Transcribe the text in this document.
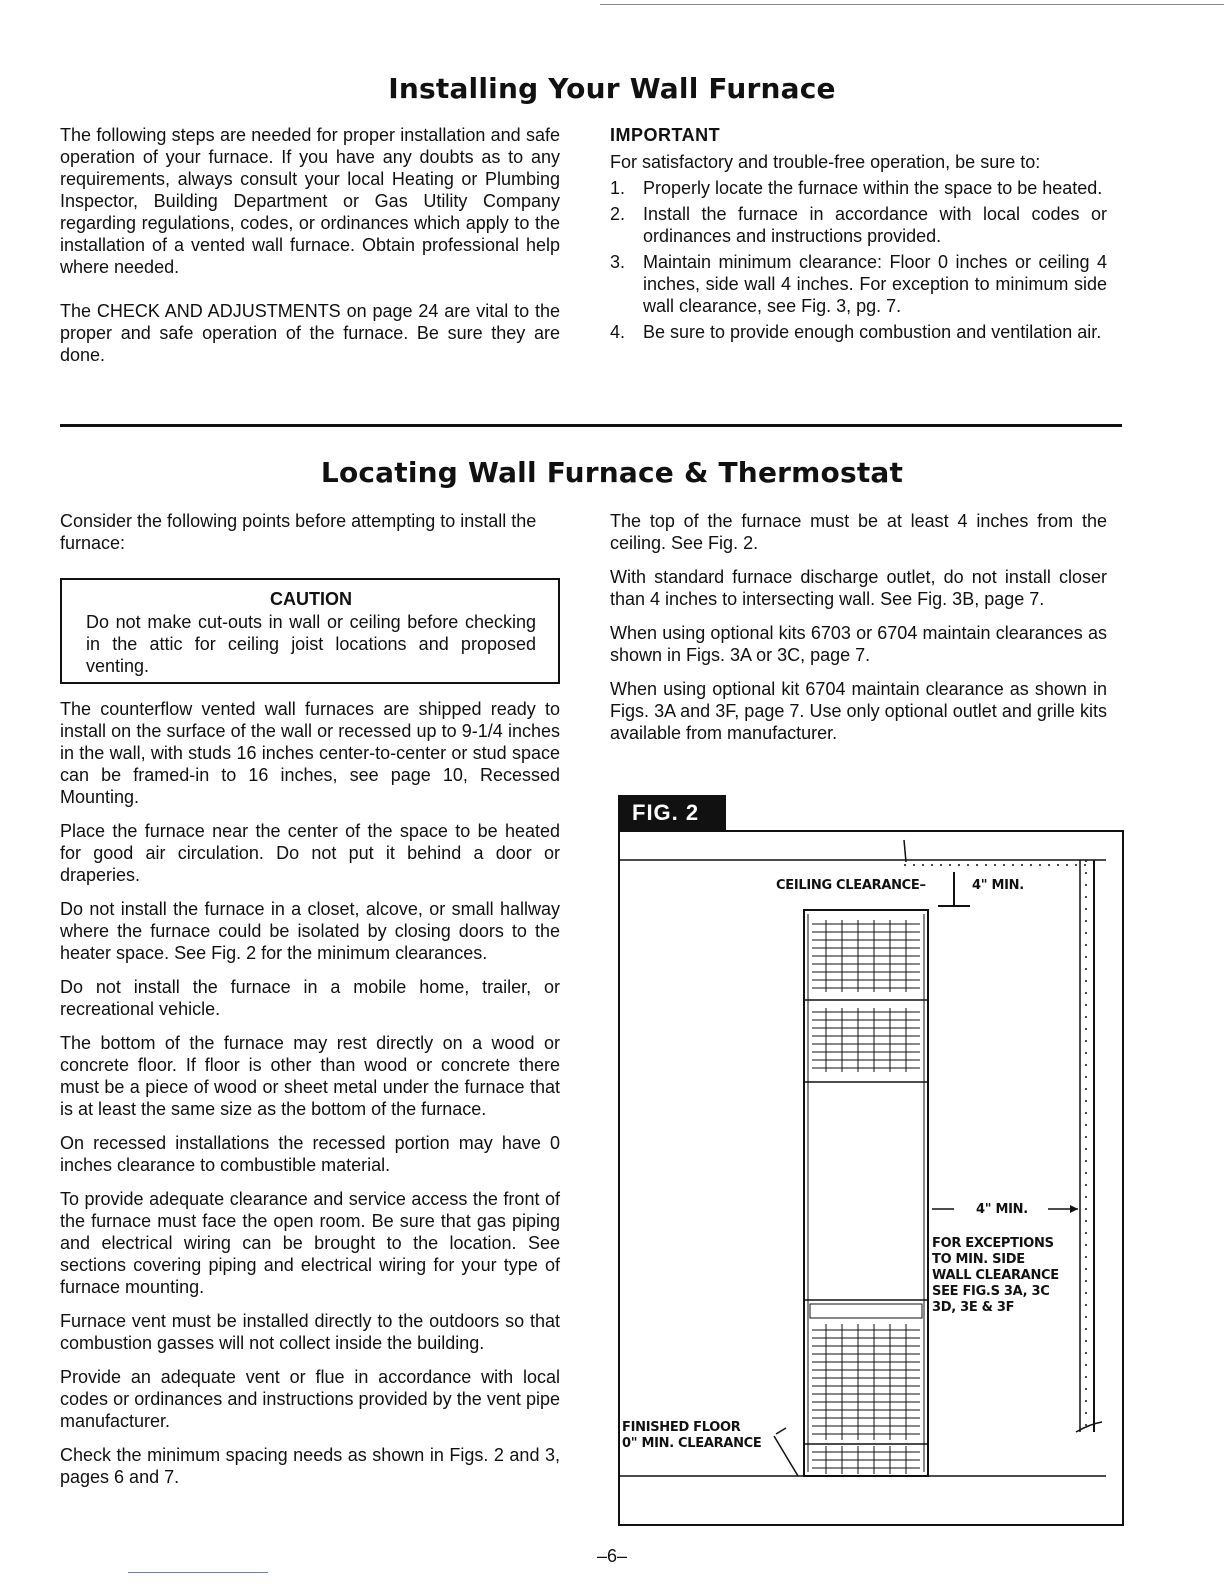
Installing Your Wall Furnace

The following steps are needed for proper installation and safe operation of your furnace. If you have any doubts as to any requirements, always consult your local Heating or Plumbing Inspector, Building Department or Gas Utility Company regarding regulations, codes, or ordinances which apply to the installation of a vented wall furnace. Obtain professional help where needed.

The CHECK AND ADJUSTMENTS on page 24 are vital to the proper and safe operation of the furnace. Be sure they are done.

IMPORTANT
For satisfactory and trouble-free operation, be sure to:
1. Properly locate the furnace within the space to be heated.
2. Install the furnace in accordance with local codes or ordinances and instructions provided.
3. Maintain minimum clearance: Floor 0 inches or ceiling 4 inches, side wall 4 inches. For exception to minimum side wall clearance, see Fig. 3, pg. 7.
4. Be sure to provide enough combustion and ventilation air.
Locating Wall Furnace & Thermostat
Consider the following points before attempting to install the furnace:
CAUTION
Do not make cut-outs in wall or ceiling before checking in the attic for ceiling joist locations and proposed venting.

The counterflow vented wall furnaces are shipped ready to install on the surface of the wall or recessed up to 9-1/4 inches in the wall, with studs 16 inches center-to-center or stud space can be framed-in to 16 inches, see page 10, Recessed Mounting.

Place the furnace near the center of the space to be heated for good air circulation. Do not put it behind a door or draperies.

Do not install the furnace in a closet, alcove, or small hallway where the furnace could be isolated by closing doors to the heater space. See Fig. 2 for the minimum clearances.

Do not install the furnace in a mobile home, trailer, or recreational vehicle.

The bottom of the furnace may rest directly on a wood or concrete floor. If floor is other than wood or concrete there must be a piece of wood or sheet metal under the furnace that is at least the same size as the bottom of the furnace.

On recessed installations the recessed portion may have 0 inches clearance to combustible material.

To provide adequate clearance and service access the front of the furnace must face the open room. Be sure that gas piping and electrical wiring can be brought to the location. See sections covering piping and electrical wiring for your type of furnace mounting.

Furnace vent must be installed directly to the outdoors so that combustion gasses will not collect inside the building.

Provide an adequate vent or flue in accordance with local codes or ordinances and instructions provided by the vent pipe manufacturer.

Check the minimum spacing needs as shown in Figs. 2 and 3, pages 6 and 7.

The top of the furnace must be at least 4 inches from the ceiling. See Fig. 2.

With standard furnace discharge outlet, do not install closer than 4 inches to intersecting wall. See Fig. 3B, page 7.

When using optional kits 6703 or 6704 maintain clearances as shown in Figs. 3A or 3C, page 7.

When using optional kit 6704 maintain clearance as shown in Figs. 3A and 3F, page 7. Use only optional outlet and grille kits available from manufacturer.

FIG. 2
CEILING CLEARANCE–	4" MIN.
4" MIN.
FOR EXCEPTIONS
TO MIN. SIDE
WALL CLEARANCE
SEE FIG.S 3A, 3C
3D, 3E & 3F
FINISHED FLOOR
0" MIN. CLEARANCE
–6–
